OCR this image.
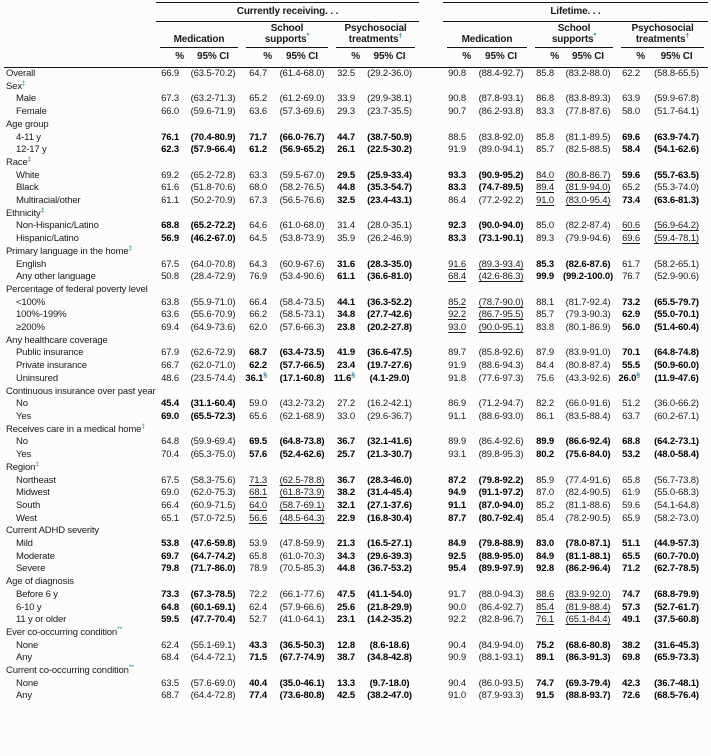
	Currently receiving. . .							Lifetime. . .					

	Medication		School
supports*		Psychosocial
treatments†			Medication		School
supports*		Psychosocial
treatments†

	%	95% CI	%	95% CI	%	95% CI		%	95% CI	%	95% CI	%	95% CI
Overall	66.9	(63.5-70.2)	64.7	(61.4-68.0)	32.5	(29.2-36.0)		90.8	(88.4-92.7)	85.8	(83.2-88.0)	62.2	(58.8-65.5)
Sex‡
Male	67.3	(63.2-71.3)	65.2	(61.2-69.0)	33.9	(29.9-38.1)		90.8	(87.8-93.1)	86.8	(83.8-89.3)	63.9	(59.9-67.8)
Female	66.0	(59.6-71.9)	63.6	(57.3-69.6)	29.3	(23.7-35.5)		90.7	(86.2-93.8)	83.3	(77.8-87.6)	58.0	(51.7-64.1)
Age group													
4-11 y	76.1	(70.4-80.9)	71.7	(66.0-76.7)	44.7	(38.7-50.9)		88.5	(83.8-92.0)	85.8	(81.1-89.5)	69.6	(63.9-74.7)
12-17 y	62.3	(57.9-66.4)	61.2	(56.9-65.2)	26.1	(22.5-30.2)		91.9	(89.0-94.1)	85.7	(82.5-88.5)	58.4	(54.1-62.6)
Race‡
White	69.2	(65.2-72.8)	63.3	(59.5-67.0)	29.5	(25.9-33.4)		93.3	(90.9-95.2)	84.0	(80.8-86.7)	59.6	(55.7-63.5)
Black	61.6	(51.8-70.6)	68.0	(58.2-76.5)	44.8	(35.3-54.7)		83.3	(74.7-89.5)	89.4	(81.9-94.0)	65.2	(55.3-74.0)
Multiracial/other	61.1	(50.2-70.9)	67.3	(56.5-76.6)	32.5	(23.4-43.1)		86.4	(77.2-92.2)	91.0	(83.0-95.4)	73.4	(63.6-81.3)
Ethnicity‡
Non-Hispanic/Latino	68.8	(65.2-72.2)	64.6	(61.0-68.0)	31.4	(28.0-35.1)		92.3	(90.0-94.0)	85.0	(82.2-87.4)	60.6	(56.9-64.2)
Hispanic/Latino	56.9	(46.2-67.0)	64.5	(53.8-73.9)	35.9	(26.2-46.9)		83.3	(73.1-90.1)	89.3	(79.9-94.6)	69.6	(59.4-78.1)
Primary language in the home‡
English	67.5	(64.0-70.8)	64.3	(60.9-67.6)	31.6	(28.3-35.0)		91.6	(89.3-93.4)	85.3	(82.6-87.6)	61.7	(58.2-65.1)
Any other language	50.8	(28.4-72.9)	76.9	(53.4-90.6)	61.1	(36.6-81.0)		68.4	(42.6-86.3)	99.9	(99.2-100.0)	76.7	(52.9-90.6)
Percentage of federal poverty level													
<100%	63.8	(55.9-71.0)	66.4	(58.4-73.5)	44.1	(36.3-52.2)		85.2	(78.7-90.0)	88.1	(81.7-92.4)	73.2	(65.5-79.7)
100%-199%	63.6	(55.6-70.9)	66.2	(58.5-73.1)	34.8	(27.7-42.6)		92.2	(86.7-95.5)	85.7	(79.3-90.3)	62.9	(55.0-70.1)
≥200%	69.4	(64.9-73.6)	62.0	(57.6-66.3)	23.8	(20.2-27.8)		93.0	(90.0-95.1)	83.8	(80.1-86.9)	56.0	(51.4-60.4)
Any healthcare coverage													
Public insurance	67.9	(62.6-72.9)	68.7	(63.4-73.5)	41.9	(36.6-47.5)		89.7	(85.8-92.6)	87.9	(83.9-91.0)	70.1	(64.8-74.8)
Private insurance	66.7	(62.0-71.0)	62.2	(57.7-66.5)	23.4	(19.7-27.6)		91.9	(88.6-94.3)	84.4	(80.8-87.4)	55.5	(50.9-60.0)
Uninsured	48.6	(23.5-74.4)	36.1§	(17.1-60.8)	11.6§	(4.1-29.0)		91.8	(77.6-97.3)	75.6	(43.3-92.6)	26.0§	(11.9-47.6)
Continuous insurance over past year													
No	45.4	(31.1-60.4)	59.0	(43.2-73.2)	27.2	(16.2-42.1)		86.9	(71.2-94.7)	82.2	(66.0-91.6)	51.2	(36.0-66.2)
Yes	69.0	(65.5-72.3)	65.6	(62.1-68.9)	33.0	(29.6-36.7)		91.1	(88.6-93.0)	86.1	(83.5-88.4)	63.7	(60.2-67.1)
Receives care in a medical home‡
No	64.8	(59.9-69.4)	69.5	(64.8-73.8)	36.7	(32.1-41.6)		89.9	(86.4-92.6)	89.9	(86.6-92.4)	68.8	(64.2-73.1)
Yes	70.4	(65.3-75.0)	57.6	(52.4-62.6)	25.7	(21.3-30.7)		93.1	(89.8-95.3)	80.2	(75.6-84.0)	53.2	(48.0-58.4)
Region‡
Northeast	67.5	(58.3-75.6)	71.3	(62.5-78.8)	36.7	(28.3-46.0)		87.2	(79.8-92.2)	85.9	(77.4-91.6)	65.8	(56.7-73.8)
Midwest	69.0	(62.0-75.3)	68.1	(61.8-73.9)	38.2	(31.4-45.4)		94.9	(91.1-97.2)	87.0	(82.4-90.5)	61.9	(55.0-68.3)
South	66.4	(60.9-71.5)	64.0	(58.7-69.1)	32.1	(27.1-37.6)		91.1	(87.0-94.0)	85.2	(81.1-88.6)	59.6	(54.1-64.8)
West	65.1	(57.0-72.5)	56.6	(48.5-64.3)	22.9	(16.8-30.4)		87.7	(80.7-92.4)	85.4	(78.2-90.5)	65.9	(58.2-73.0)
Current ADHD severity													
Mild	53.8	(47.6-59.8)	53.9	(47.8-59.9)	21.3	(16.5-27.1)		84.9	(79.8-88.9)	83.0	(78.0-87.1)	51.1	(44.9-57.3)
Moderate	69.7	(64.7-74.2)	65.8	(61.0-70.3)	34.3	(29.6-39.3)		92.5	(88.9-95.0)	84.9	(81.1-88.1)	65.5	(60.7-70.0)
Severe	79.8	(71.7-86.0)	78.9	(70.5-85.3)	44.8	(36.7-53.2)		95.4	(89.9-97.9)	92.8	(86.2-96.4)	71.2	(62.7-78.5)
Age of diagnosis													
Before 6 y	73.3	(67.3-78.5)	72.2	(66.1-77.6)	47.5	(41.1-54.0)		91.7	(88.0-94.3)	88.6	(83.9-92.0)	74.7	(68.8-79.9)
6-10 y	64.8	(60.1-69.1)	62.4	(57.9-66.6)	25.6	(21.8-29.9)		90.0	(86.4-92.7)	85.4	(81.9-88.4)	57.3	(52.7-61.7)
11 y or older	59.5	(47.7-70.4)	52.7	(41.0-64.1)	23.1	(14.2-35.2)		92.2	(82.8-96.7)	76.1	(65.1-84.4)	49.1	(37.5-60.8)
Ever co-occurring condition**
None	62.4	(55.1-69.1)	43.3	(36.5-50.3)	12.8	(8.6-18.6)		90.4	(84.9-94.0)	75.2	(68.6-80.8)	38.2	(31.6-45.3)
Any	68.4	(64.4-72.1)	71.5	(67.7-74.9)	38.7	(34.8-42.8)		90.9	(88.1-93.1)	89.1	(86.3-91.3)	69.8	(65.9-73.3)
Current co-occurring condition**
None	63.5	(57.6-69.0)	40.4	(35.0-46.1)	13.3	(9.7-18.0)		90.4	(86.0-93.5)	74.7	(69.3-79.4)	42.3	(36.7-48.1)
Any	68.7	(64.4-72.8)	77.4	(73.6-80.8)	42.5	(38.2-47.0)		91.0	(87.9-93.3)	91.5	(88.8-93.7)	72.6	(68.5-76.4)
